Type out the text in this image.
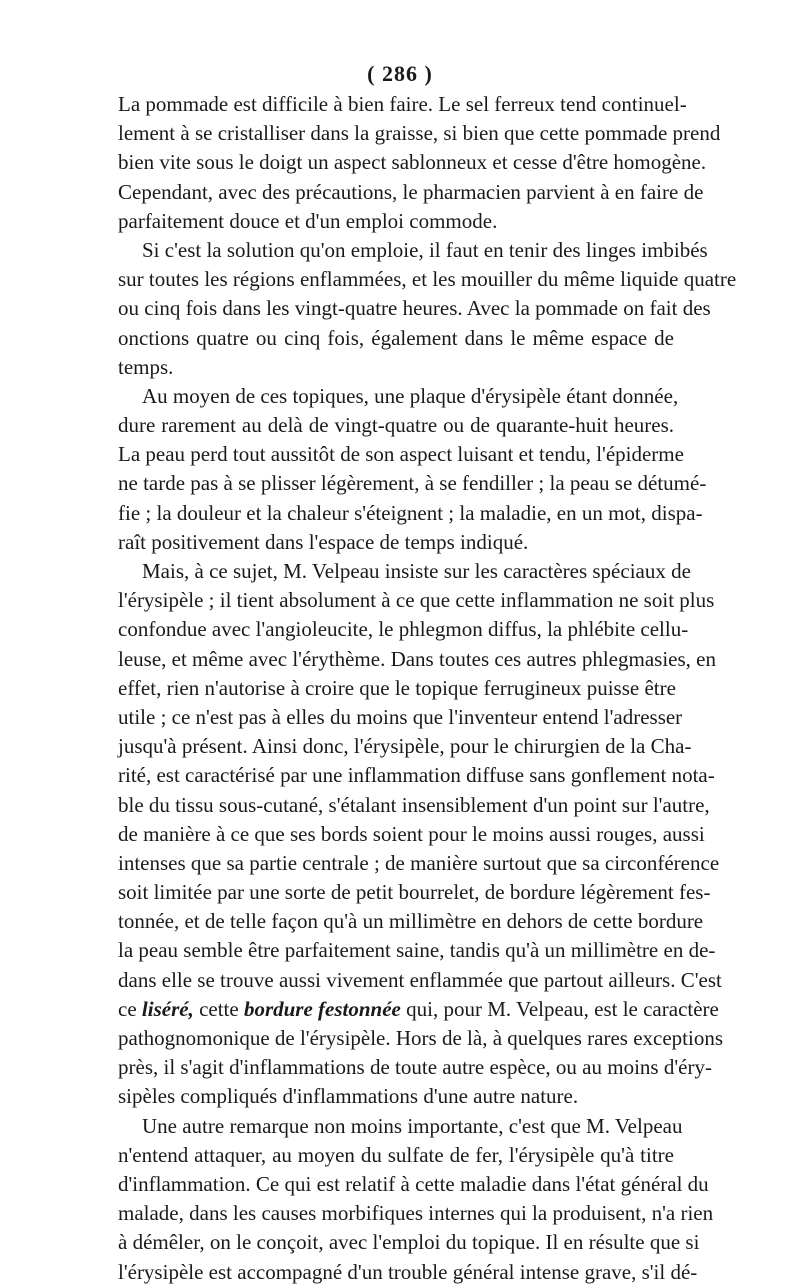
( 286 )
La pommade est difficile à bien faire. Le sel ferreux tend continuel-
lement à se cristalliser dans la graisse, si bien que cette pommade prend
bien vite sous le doigt un aspect sablonneux et cesse d'être homogène.
Cependant, avec des précautions, le pharmacien parvient à en faire de
parfaitement douce et d'un emploi commode.
Si c'est la solution qu'on emploie, il faut en tenir des linges imbibés
sur toutes les régions enflammées, et les mouiller du même liquide quatre
ou cinq fois dans les vingt-quatre heures. Avec la pommade on fait des
onctions quatre ou cinq fois, également dans le même espace de
temps.
Au moyen de ces topiques, une plaque d'érysipèle étant donnée,
dure rarement au delà de vingt-quatre ou de quarante-huit heures.
La peau perd tout aussitôt de son aspect luisant et tendu, l'épiderme
ne tarde pas à se plisser légèrement, à se fendiller ; la peau se détumé-
fie ; la douleur et la chaleur s'éteignent ; la maladie, en un mot, dispa-
raît positivement dans l'espace de temps indiqué.
Mais, à ce sujet, M. Velpeau insiste sur les caractères spéciaux de
l'érysipèle ; il tient absolument à ce que cette inflammation ne soit plus
confondue avec l'angioleucite, le phlegmon diffus, la phlébite cellu-
leuse, et même avec l'érythème. Dans toutes ces autres phlegmasies, en
effet, rien n'autorise à croire que le topique ferrugineux puisse être
utile ; ce n'est pas à elles du moins que l'inventeur entend l'adresser
jusqu'à présent. Ainsi donc, l'érysipèle, pour le chirurgien de la Cha-
rité, est caractérisé par une inflammation diffuse sans gonflement nota-
ble du tissu sous-cutané, s'étalant insensiblement d'un point sur l'autre,
de manière à ce que ses bords soient pour le moins aussi rouges, aussi
intenses que sa partie centrale ; de manière surtout que sa circonférence
soit limitée par une sorte de petit bourrelet, de bordure légèrement fes-
tonnée, et de telle façon qu'à un millimètre en dehors de cette bordure
la peau semble être parfaitement saine, tandis qu'à un millimètre en de-
dans elle se trouve aussi vivement enflammée que partout ailleurs. C'est
ce liséré, cette bordure festonnée qui, pour M. Velpeau, est le caractère
pathognomonique de l'érysipèle. Hors de là, à quelques rares exceptions
près, il s'agit d'inflammations de toute autre espèce, ou au moins d'éry-
sipèles compliqués d'inflammations d'une autre nature.
Une autre remarque non moins importante, c'est que M. Velpeau
n'entend attaquer, au moyen du sulfate de fer, l'érysipèle qu'à titre
d'inflammation. Ce qui est relatif à cette maladie dans l'état général du
malade, dans les causes morbifiques internes qui la produisent, n'a rien
à démêler, on le conçoit, avec l'emploi du topique. Il en résulte que si
l'érysipèle est accompagné d'un trouble général intense grave, s'il dé-
